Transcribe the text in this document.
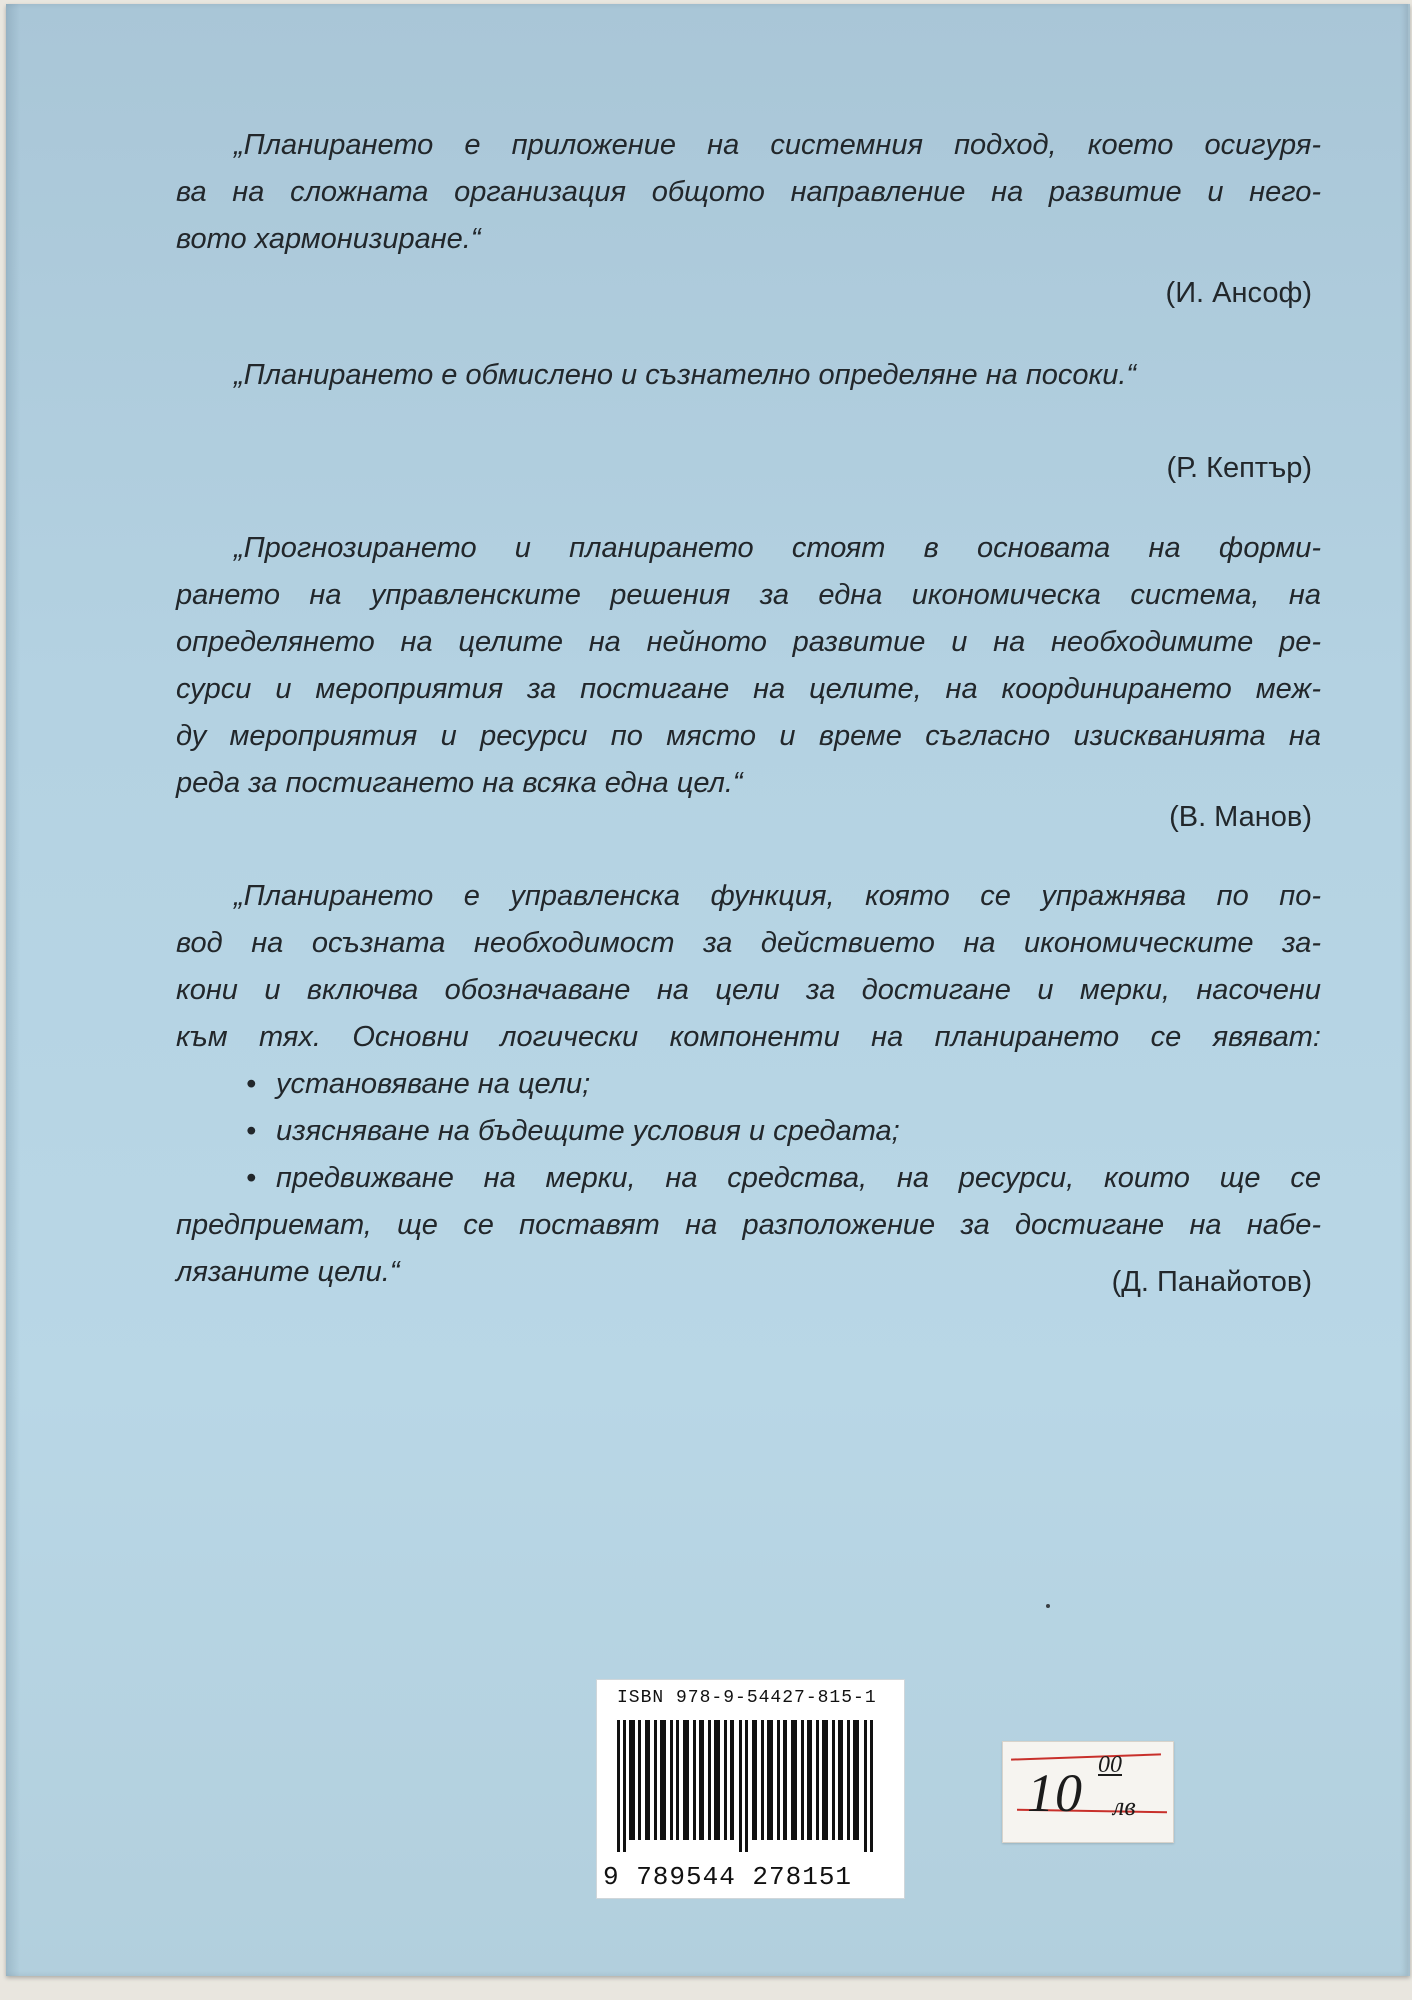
„Планирането е приложение на системния подход, което осигуря-
ва на сложната организация общото направление на развитие и него-
вото хармонизиране.“
(И. Ансоф)
„Планирането е обмислено и съзнателно определяне на посоки.“
(Р. Кептър)
„Прогнозирането и планирането стоят в основата на форми-
рането на управленските решения за една икономическа система, на
определянето на целите на нейното развитие и на необходимите ре-
сурси и мероприятия за постигане на целите, на координирането меж-
ду мероприятия и ресурси по място и време съгласно изискванията на
реда за постигането на всяка една цел.“
(В. Манов)
„Планирането е управленска функция, която се упражнява по по-
вод на осъзната необходимост за действието на икономическите за-
кони и включва обозначаване на цели за достигане и мерки, насочени
към тях. Основни логически компоненти на планирането се явяват:
• установяване на цели;
• изясняване на бъдещите условия и средата;
• предвижване на мерки, на средства, на ресурси, които ще се
предприемат, ще се поставят на разположение за достигане на набе-
лязаните цели.“	(Д. Панайотов)
ISBN 978-9-54427-815-1
9 789544 278151
10 00
лв
